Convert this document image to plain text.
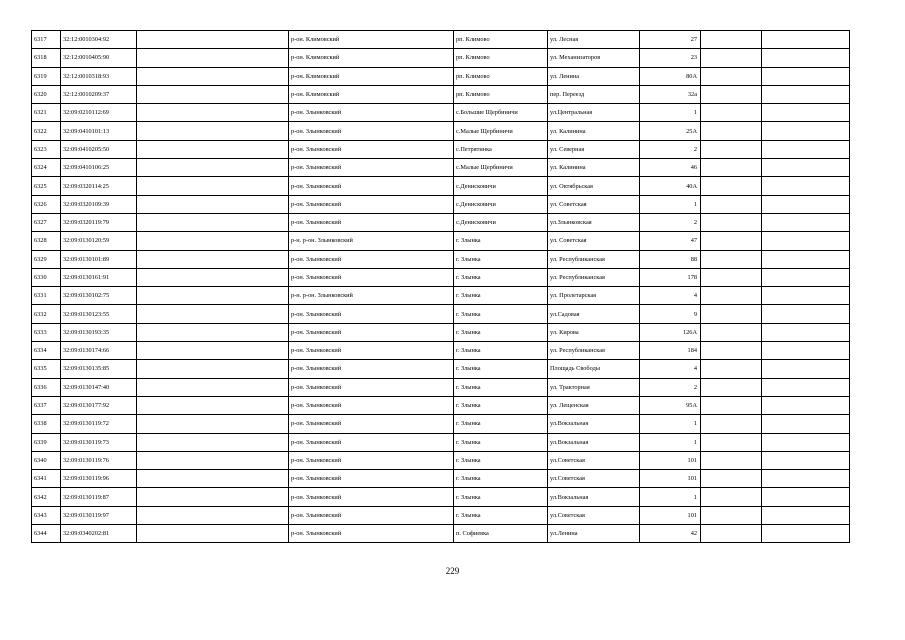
6317	32:12:0010304:92		р-он. Климовский	рп. Климово	ул. Лесная	27		
6318	32:12:0010405:90		р-он. Климовский	рп. Климово	ул. Механизаторов	23		
6319	32:12:0010318:93		р-он. Климовский	рп. Климово	ул. Ленина	80А		
6320	32:12:0010209:37		р-он. Климовский	рп. Климово	пер. Переезд	32а		
6321	32:09:0210112:69		р-он. Злынковский	с.Большие Щербиничи	ул.Центральная	1		
6322	32:09:0410101:13		р-он. Злынковский	с.Малые Щербиничи	ул. Калинина	25А		
6323	32:09:0410205:50		р-он. Злынковский	с.Петрятинка	ул. Северная	2		
6324	32:09:0410106:25		р-он. Злынковский	с.Малые Щербиничи	ул. Калинина	46		
6325	32:09:0320114:25		р-он. Злынковский	с.Денисковичи	ул. Октябрьская	40А		
6326	32:09:0320109:39		р-он. Злынковский	с.Денисковичи	ул. Советская	1		
6327	32:09:0320119:79		р-он. Злынковский	с.Денисковичи	ул.Злынковская	2		
6328	32:09:0130120:59		р-н. р-он. Злынковский	г. Злынка	ул. Советская	47		
6329	32:09:0130101:89		р-он. Злынковский	г. Злынка	ул. Республиканская	88		
6330	32:09:0130161:91		р-он. Злынковский	г. Злынка	ул. Республиканская	178		
6331	32:09:0130102:75		р-н. р-он. Злынковский	г. Злынка	ул. Пролетарская	4		
6332	32:09:0130123:55		р-он. Злынковский	г. Злынка	ул.Садовая	9		
6333	32:09:0130193:35		р-он. Злынковский	г. Злынка	ул. Кирова	126А		
6334	32:09:0130174:66		р-он. Злынковский	г. Злынка	ул. Республиканская	184		
6335	32:09:0130135:85		р-он. Злынковский	г. Злынка	Площадь Свободы	4		
6336	32:09:0130147:40		р-он. Злынковский	г. Злынка	ул. Тракторная	2		
6337	32:09:0130177:92		р-он. Злынковский	г. Злынка	ул. Лещенская	95А		
6338	32:09:0130119:72		р-он. Злынковский	г. Злынка	ул.Вокзальная	1		
6339	32:09:0130119:73		р-он. Злынковский	г. Злынка	ул.Вокзальная	1		
6340	32:09:0130119:76		р-он. Злынковский	г. Злынка	ул.Советская	101		
6341	32:09:0130119:96		р-он. Злынковский	г. Злынка	ул.Советская	101		
6342	32:09:0130119:87		р-он. Злынковский	г. Злынка	ул.Вокзальная	1		
6343	32:09:0130119:97		р-он. Злынковский	г. Злынка	ул.Советская	101		
6344	32:09:0340202:81		р-он. Злынковский	п. Софиевка	ул.Ленина	42		
229
